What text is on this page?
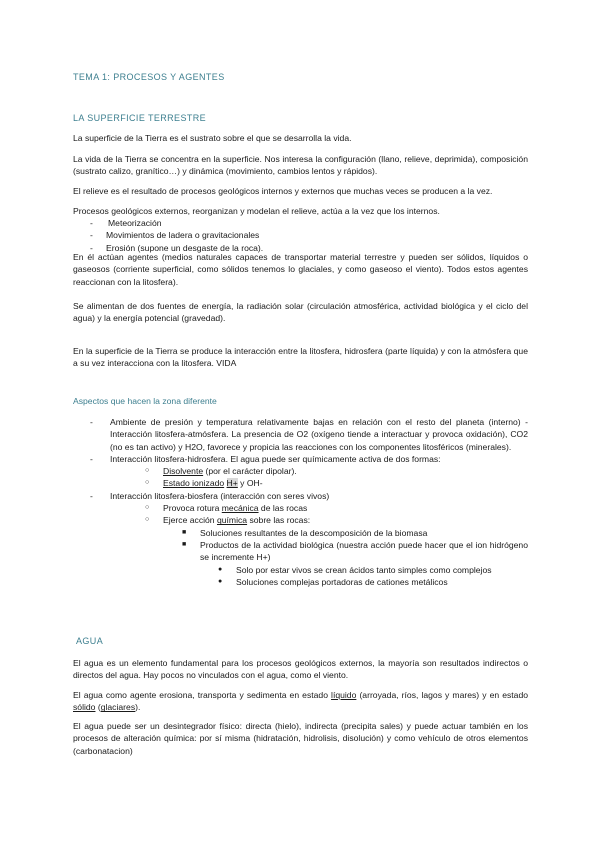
TEMA 1: PROCESOS Y AGENTES
LA SUPERFICIE TERRESTRE

La superficie de la Tierra es el sustrato sobre el que se desarrolla la vida.

La vida de la Tierra se concentra en la superficie. Nos interesa la configuración (llano, relieve, deprimida), composición (sustrato calizo, granítico…) y dinámica (movimiento, cambios lentos y rápidos).

El relieve es el resultado de procesos geológicos internos y externos que muchas veces se producen a la vez.

Procesos geológicos externos, reorganizan y modelan el relieve, actúa a la vez que los internos.

- Meteorización
- Movimientos de ladera o gravitacionales
- Erosión (supone un desgaste de la roca).

En él actúan agentes (medios naturales capaces de transportar material terrestre y pueden ser sólidos, líquidos o gaseosos (corriente superficial, como sólidos tenemos lo glaciales, y como gaseoso el viento). Todos estos agentes reaccionan con la litosfera).

Se alimentan de dos fuentes de energía, la radiación solar (circulación atmosférica, actividad biológica y el ciclo del agua) y la energía potencial (gravedad).

En la superficie de la Tierra se produce la interacción entre la litosfera, hidrosfera (parte líquida) y con la atmósfera que a su vez interacciona con la litosfera. VIDA

Aspectos que hacen la zona diferente
- Ambiente de presión y temperatura relativamente bajas en relación con el resto del planeta (interno) -Interacción litosfera-atmósfera. La presencia de O2 (oxígeno tiende a interactuar y provoca oxidación), CO2 (no es tan activo) y H2O, favorece y propicia las reacciones con los componentes litosféricos (minerales).
- Interacción litosfera-hidrosfera. El agua puede ser químicamente activa de dos formas:
○ Disolvente (por el carácter dipolar).
○ Estado ionizado H+ y OH-
- Interacción litosfera-biosfera (interacción con seres vivos)
○ Provoca rotura mecánica de las rocas
○ Ejerce acción química sobre las rocas:
■ Soluciones resultantes de la descomposición de la biomasa
■ Productos de la actividad biológica (nuestra acción puede hacer que el ion hidrógeno se incremente H+)
● Solo por estar vivos se crean ácidos tanto simples como complejos
● Soluciones complejas portadoras de cationes metálicos
AGUA

El agua es un elemento fundamental para los procesos geológicos externos, la mayoría son resultados indirectos o directos del agua. Hay pocos no vinculados con el agua, como el viento.

El agua como agente erosiona, transporta y sedimenta en estado líquido (arroyada, ríos, lagos y mares) y en estado sólido (glaciares).

El agua puede ser un desintegrador físico: directa (hielo), indirecta (precipita sales) y puede actuar también en los procesos de alteración química: por sí misma (hidratación, hidrolisis, disolución) y como vehículo de otros elementos (carbonatacion)
